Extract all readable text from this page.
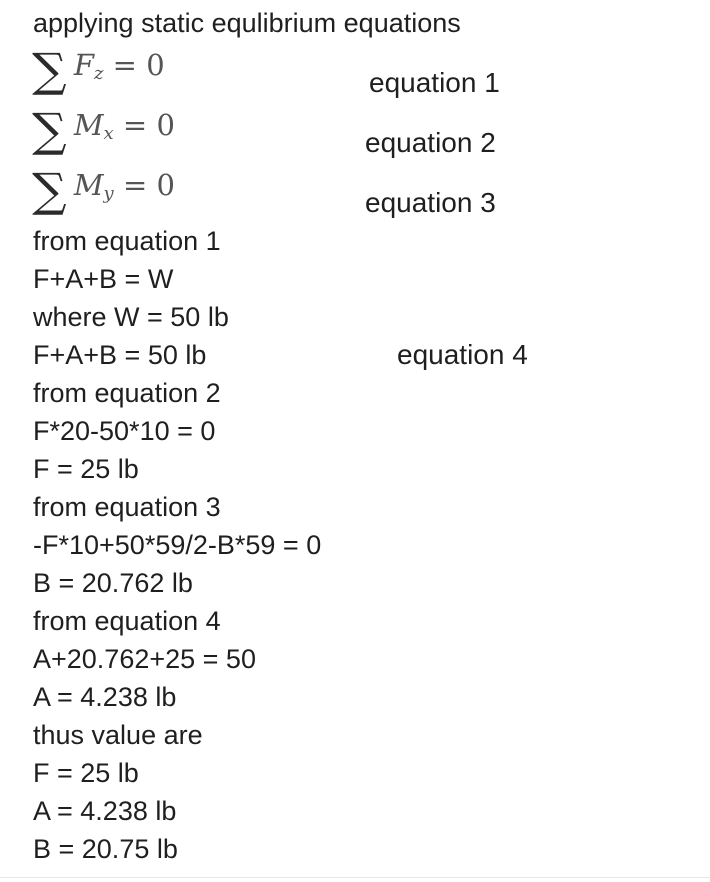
applying static equlibrium equations
∑ $F_z = 0$
equation 1
∑ $M_x = 0$
equation 2
∑ $M_y = 0$
equation 3
from equation 1
F+A+B = W
where W = 50 lb
F+A+B = 50 lb	equation 4
from equation 2
F*20-50*10 = 0
F = 25 lb
from equation 3
-F*10+50*59/2-B*59 = 0
B = 20.762 lb
from equation 4
A+20.762+25 = 50
A = 4.238 lb
thus value are
F = 25 lb
A = 4.238 lb
B = 20.75 lb
